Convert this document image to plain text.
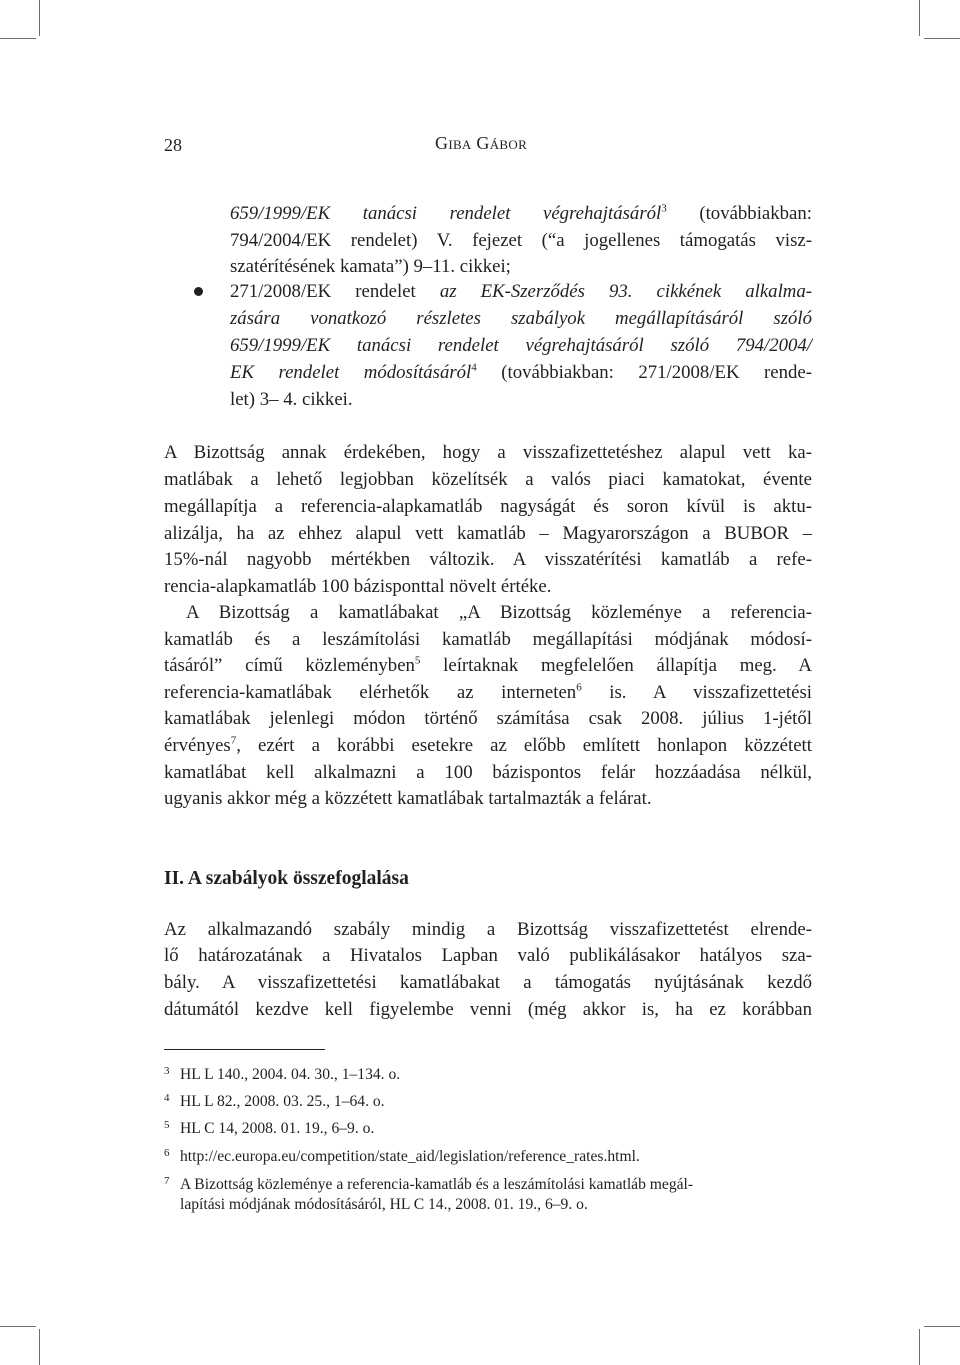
28	GIBA GÁBOR
659/1999/EK tanácsi rendelet végrehajtásáról$^3$ (továbbiakban:
794/2004/EK rendelet) V. fejezet (“a jogellenes támogatás visz-
szatérítésének kamata”) 9–11. cikkei;
271/2008/EK rendelet az EK-Szerződés 93. cikkének alkalma-
zására vonatkozó részletes szabályok megállapításáról szóló
659/1999/EK tanácsi rendelet végrehajtásáról szóló 794/2004/
EK rendelet módosításáról$^4$ (továbbiakban: 271/2008/EK rende-
let) 3– 4. cikkei.
A Bizottság annak érdekében, hogy a visszafizettetéshez alapul vett ka-
matlábak a lehető legjobban közelítsék a valós piaci kamatokat, évente
megállapítja a referencia-alapkamatláb nagyságát és soron kívül is aktu-
alizálja, ha az ehhez alapul vett kamatláb – Magyarországon a BUBOR –
15%-nál nagyobb mértékben változik. A visszatérítési kamatláb a refe-
rencia-alapkamatláb 100 bázisponttal növelt értéke.
A Bizottság a kamatlábakat „A Bizottság közleménye a referencia-
kamatláb és a leszámítolási kamatláb megállapítási módjának módosí-
tásáról” című közleményben$^5$ leírtaknak megfelelően állapítja meg. A
referencia-kamatlábak elérhetők az interneten$^6$ is. A visszafizettetési
kamatlábak jelenlegi módon történő számítása csak 2008. július 1-jétől
érvényes$^7$, ezért a korábbi esetekre az előbb említett honlapon közzétett
kamatlábat kell alkalmazni a 100 bázispontos felár hozzáadása nélkül,
ugyanis akkor még a közzétett kamatlábak tartalmazták a felárat.
II. A szabályok összefoglalása
Az alkalmazandó szabály mindig a Bizottság visszafizettetést elrende-
lő határozatának a Hivatalos Lapban való publikálásakor hatályos sza-
bály. A visszafizettetési kamatlábakat a támogatás nyújtásának kezdő
dátumától kezdve kell figyelembe venni (még akkor is, ha ez korábban
3 HL L 140., 2004. 04. 30., 1–134. o.
4 HL L 82., 2008. 03. 25., 1–64. o.
5 HL C 14, 2008. 01. 19., 6–9. o.
6 http://ec.europa.eu/competition/state_aid/legislation/reference_rates.html.
7 A Bizottság közleménye a referencia-kamatláb és a leszámítolási kamatláb megál-
lapítási módjának módosításáról, HL C 14., 2008. 01. 19., 6–9. o.
